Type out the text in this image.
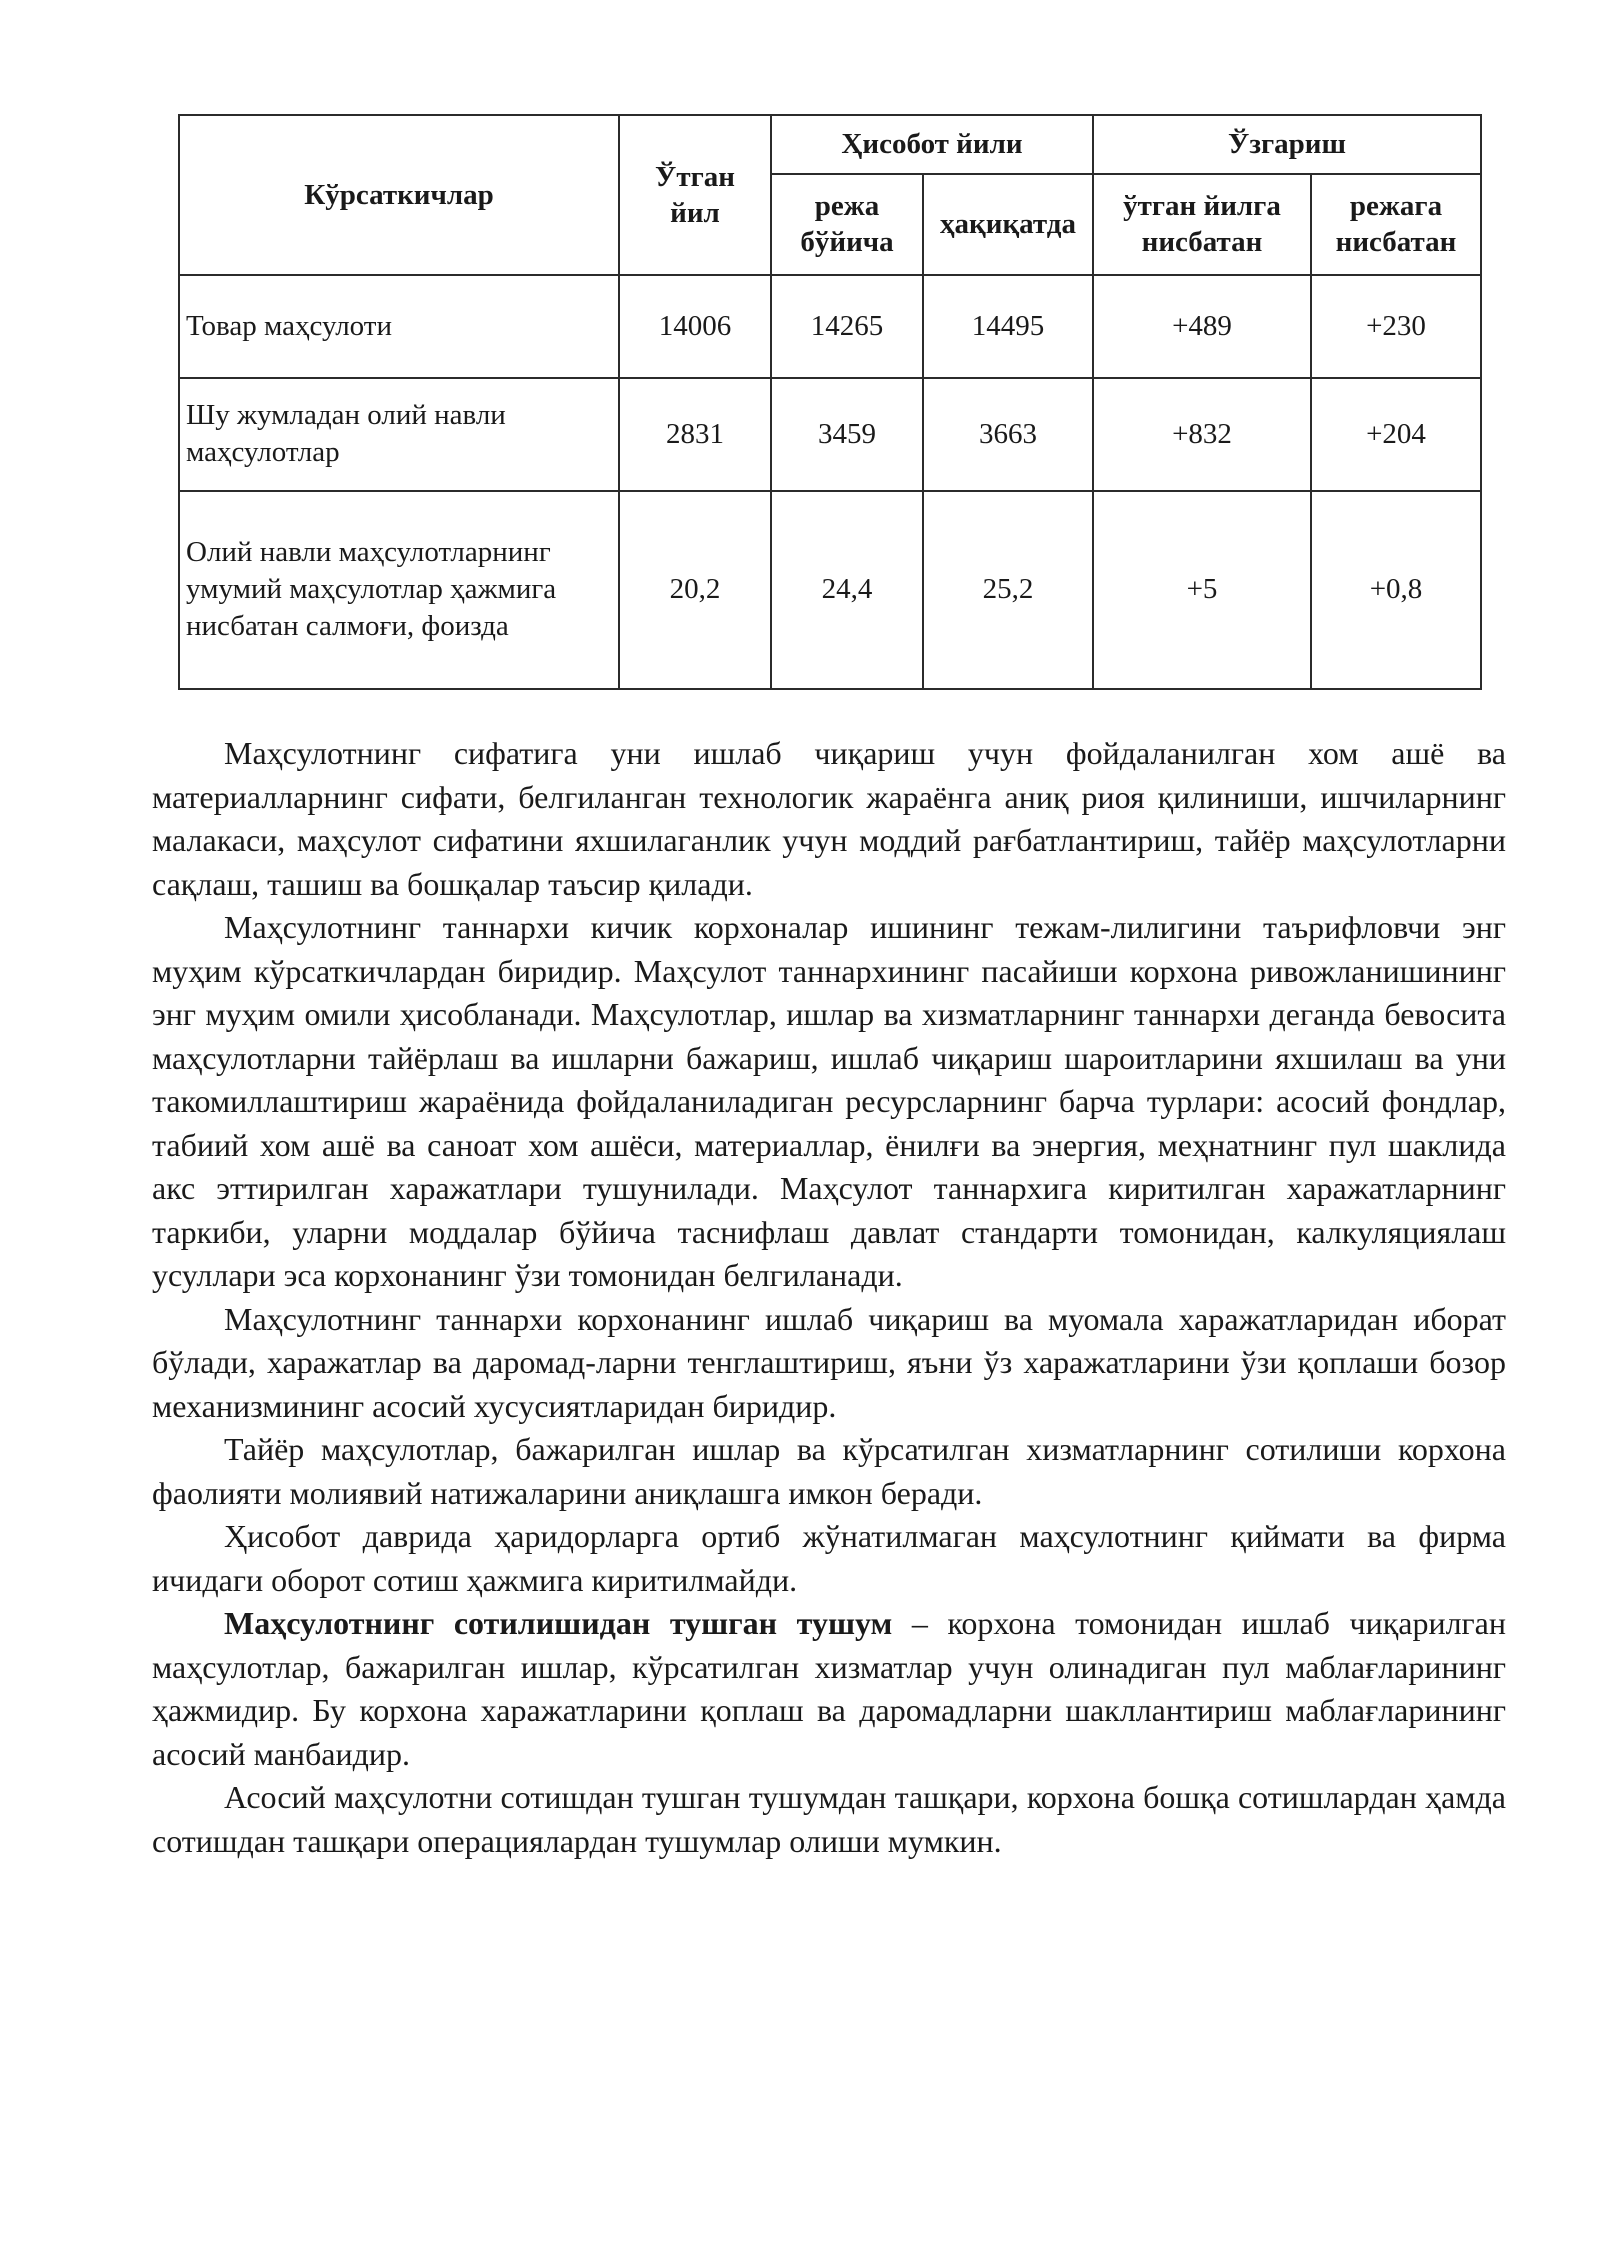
Кўрсаткичлар	Ўтган йил	Ҳисобот йили		Ўзгариш	
		режа бўйича	ҳақиқатда	ўтган йилга нисбатан	режага нисбатан
Товар маҳсулоти	14006	14265	14495	+489	+230
Шу жумладан олий навли маҳсулотлар	2831	3459	3663	+832	+204
Олий навли маҳсулотларнинг умумий маҳсулотлар ҳажмига нисбатан салмоғи, фоизда	20,2	24,4	25,2	+5	+0,8

Маҳсулотнинг сифатига уни ишлаб чиқариш учун фойдаланилган хом ашё ва материалларнинг сифати, белгиланган технологик жараёнга аниқ риоя қилиниши, ишчиларнинг малакаси, маҳсулот сифатини яхшилаганлик учун моддий рағбатлантириш, тайёр маҳсулотларни сақлаш, ташиш ва бошқалар таъсир қилади.

Маҳсулотнинг таннархи кичик корхоналар ишининг тежам-лилигини таърифловчи энг муҳим кўрсаткичлардан биридир. Маҳсулот таннархининг пасайиши корхона ривожланишининг энг муҳим омили ҳисобланади. Маҳсулотлар, ишлар ва хизматларнинг таннархи деганда бевосита маҳсулотларни тайёрлаш ва ишларни бажариш, ишлаб чиқариш шароитларини яхшилаш ва уни такомиллаштириш жараёнида фойдаланиладиган ресурсларнинг барча турлари: асосий фондлар, табиий хом ашё ва саноат хом ашёси, материаллар, ёнилғи ва энергия, меҳнатнинг пул шаклида акс эттирилган харажатлари тушунилади. Маҳсулот таннархига киритилган харажатларнинг таркиби, уларни моддалар бўйича таснифлаш давлат стандарти томонидан, калкуляциялаш усуллари эса корхонанинг ўзи томонидан белгиланади.

Маҳсулотнинг таннархи корхонанинг ишлаб чиқариш ва муомала харажатларидан иборат бўлади, харажатлар ва даромад-ларни тенглаштириш, яъни ўз харажатларини ўзи қоплаши бозор механизмининг асосий хусусиятларидан биридир.

Тайёр маҳсулотлар, бажарилган ишлар ва кўрсатилган хизматларнинг сотилиши корхона фаолияти молиявий натижаларини аниқлашга имкон беради.

Ҳисобот даврида ҳаридорларга ортиб жўнатилмаган маҳсулотнинг қиймати ва фирма ичидаги оборот сотиш ҳажмига киритилмайди.

Маҳсулотнинг сотилишидан тушган тушум – корхона томонидан ишлаб чиқарилган маҳсулотлар, бажарилган ишлар, кўрсатилган хизматлар учун олинадиган пул маблағларининг ҳажмидир. Бу корхона харажатларини қоплаш ва даромадларни шакллантириш маблағларининг асосий манбаидир.

Асосий маҳсулотни сотишдан тушган тушумдан ташқари, корхона бошқа сотишлардан ҳамда сотишдан ташқари операциялардан тушумлар олиши мумкин.
